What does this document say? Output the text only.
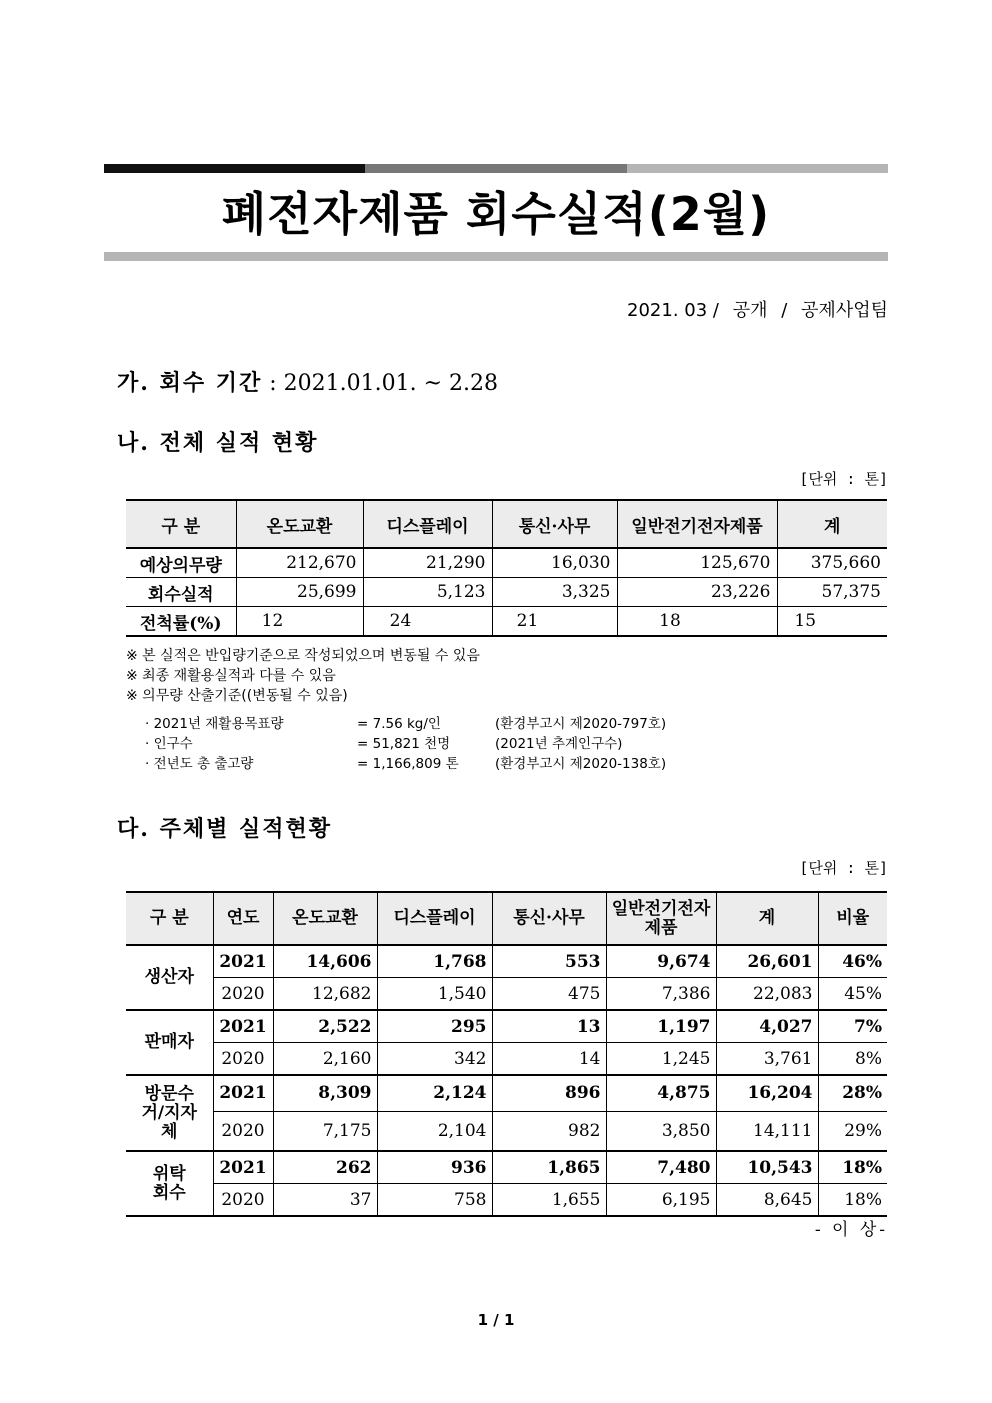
폐전자제품 회수실적(2월)
2021. 03 / 공개 / 공제사업팀
가. 회수 기간 : 2021.01.01. ~ 2.28
나. 전체 실적 현황
[단위 : 톤]
구 분	온도교환	디스플레이	통신·사무	일반전기전자제품	계
예상의무량	212,670	21,290	16,030	125,670	375,660
회수실적	25,699	5,123	3,325	23,226	57,375
전척률(%)	12	24	21	18	15
※ 본 실적은 반입량기준으로 작성되었으며 변동될 수 있음
※ 최종 재활용실적과 다를 수 있음
※ 의무량 산출기준((변동될 수 있음)
· 2021년 재활용목표량	= 7.56 kg/인	(환경부고시 제2020-797호)
· 인구수	= 51,821 천명	(2021년 추계인구수)
· 전년도 총 출고량	= 1,166,809 톤	(환경부고시 제2020-138호)
다. 주체별 실적현황
[단위 : 톤]
구 분	연도	온도교환	디스플레이	통신·사무	일반전기전자제품	계	비율
생산자	2021	14,606	1,768	553	9,674	26,601	46%
	2020	12,682	1,540	475	7,386	22,083	45%
판매자	2021	2,522	295	13	1,197	4,027	7%
	2020	2,160	342	14	1,245	3,761	8%
방문수거/지자체	2021	8,309	2,124	896	4,875	16,204	28%
	2020	7,175	2,104	982	3,850	14,111	29%
위탁회수	2021	262	936	1,865	7,480	10,543	18%
	2020	37	758	1,655	6,195	8,645	18%
- 이 상-
1 / 1
